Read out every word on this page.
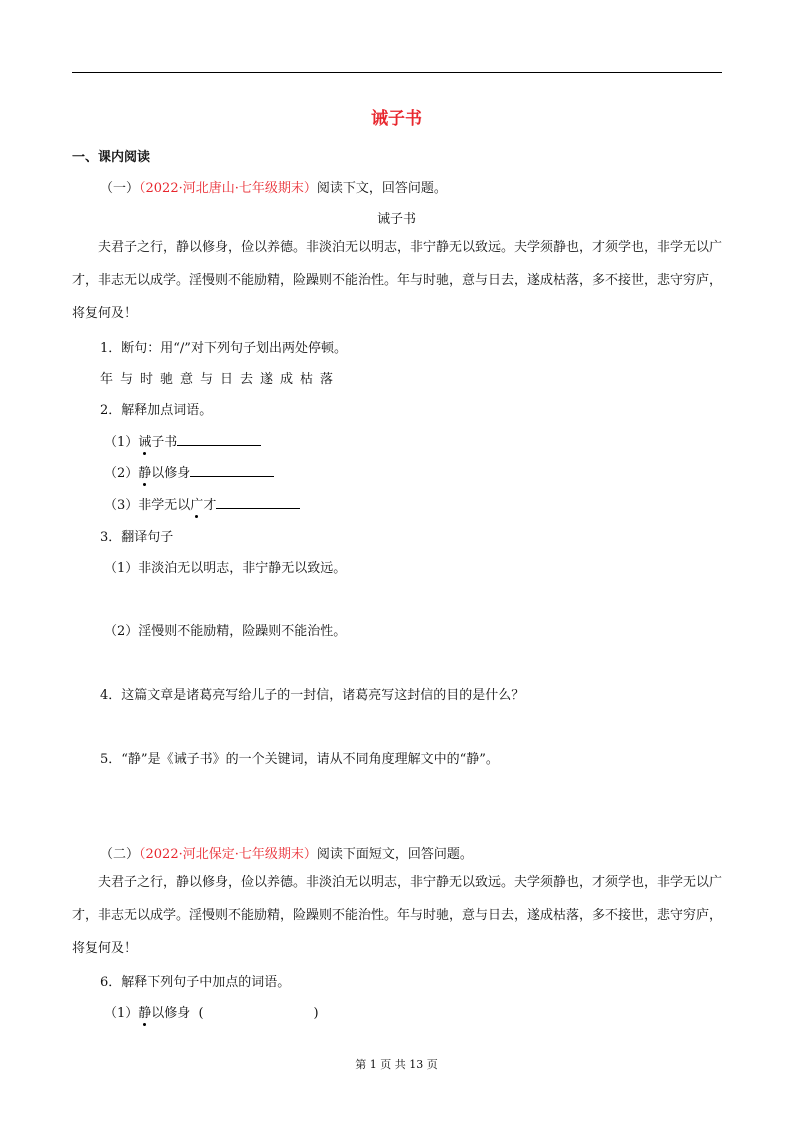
诫子书
一、课内阅读
（一）（2022·河北唐山·七年级期末）阅读下文，回答问题。
诫子书
夫君子之行，静以修身，俭以养德。非淡泊无以明志，非宁静无以致远。夫学须静也，才须学也，非学无以广才，非志无以成学。淫慢则不能励精，险躁则不能治性。年与时驰，意与日去，遂成枯落，多不接世，悲守穷庐，将复何及！
1．断句：用“/”对下列句子划出两处停顿。
年与时驰意与日去遂成枯落
2．解释加点词语。
（1）诫子书
（2）静以修身
（3）非学无以广才
3．翻译句子
（1）非淡泊无以明志，非宁静无以致远。
（2）淫慢则不能励精，险躁则不能治性。
4．这篇文章是诸葛亮写给儿子的一封信，诸葛亮写这封信的目的是什么？
5．“静”是《诫子书》的一个关键词，请从不同角度理解文中的“静”。
（二）（2022·河北保定·七年级期末）阅读下面短文，回答问题。
夫君子之行，静以修身，俭以养德。非淡泊无以明志，非宁静无以致远。夫学须静也，才须学也，非学无以广才，非志无以成学。淫慢则不能励精，险躁则不能治性。年与时驰，意与日去，遂成枯落，多不接世，悲守穷庐，将复何及！
6．解释下列句子中加点的词语。
（1）静以修身 (	)
第 1 页 共 13 页
